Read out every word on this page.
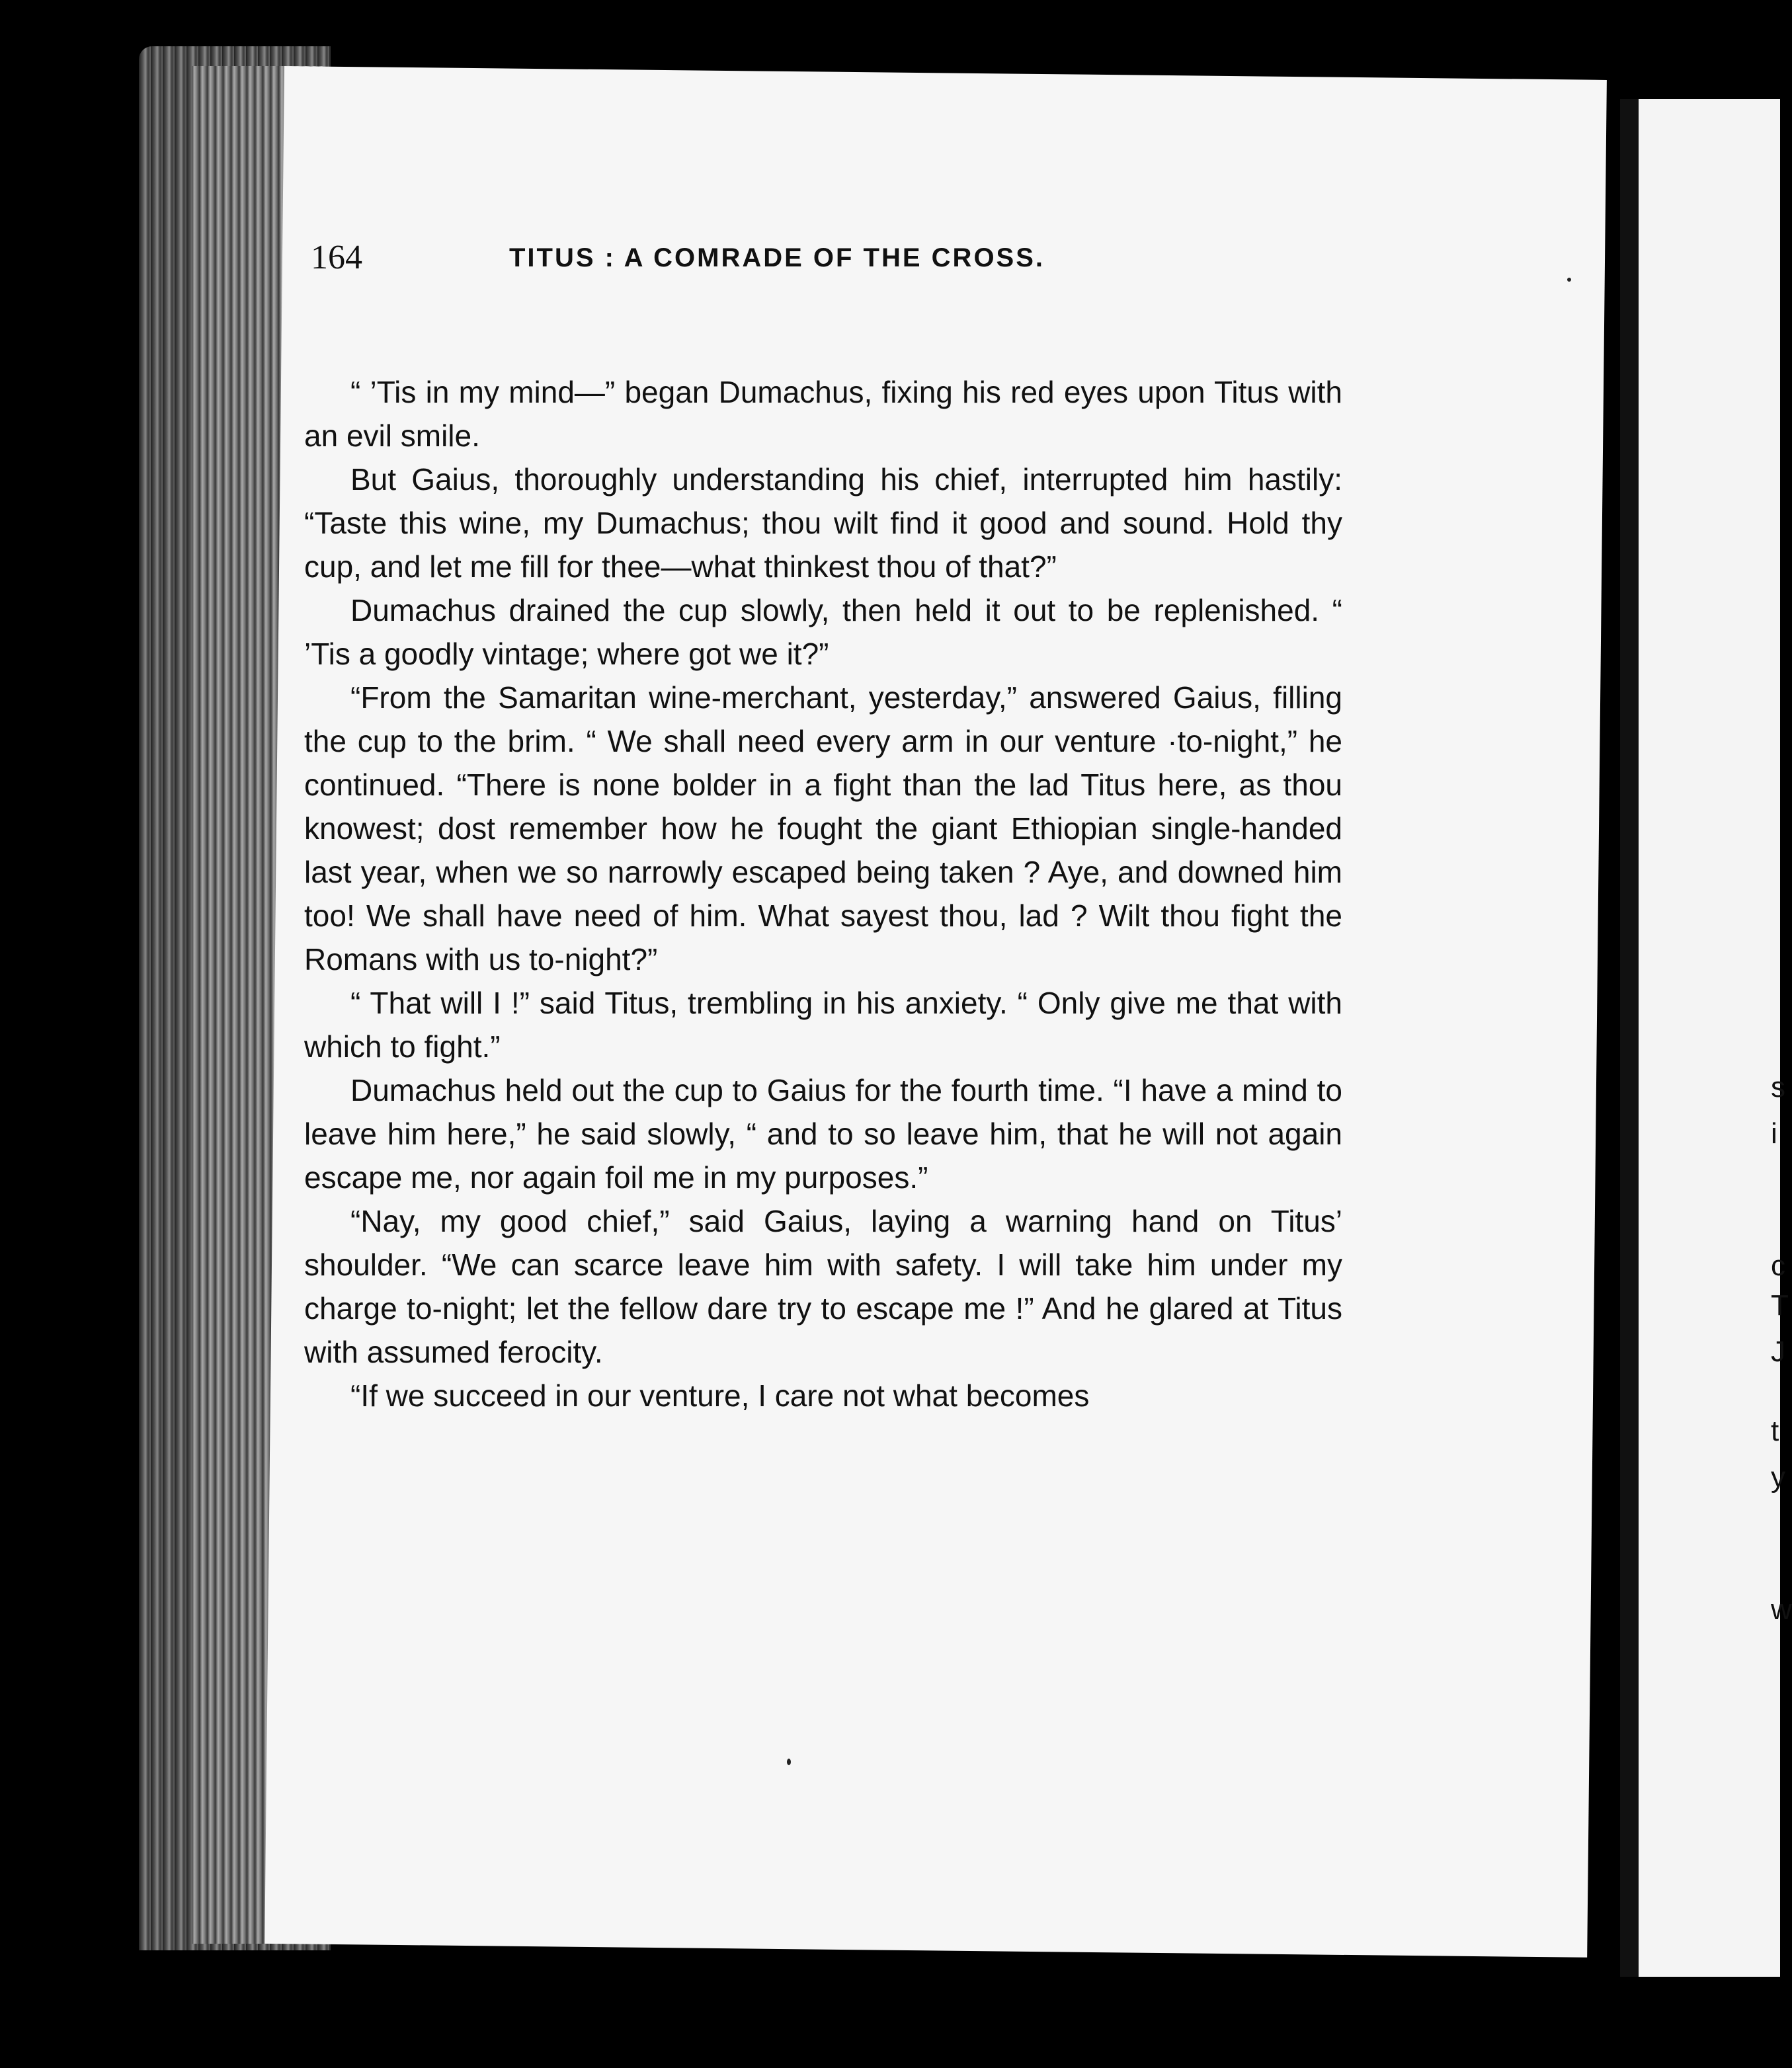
s
i
c
T
J
t
y
w
164	TITUS : A COMRADE OF THE CROSS.

“ ’Tis in my mind—” began Dumachus, fixing his red eyes upon Titus with an evil smile.

But Gaius, thoroughly understanding his chief, interrupted him hastily: “Taste this wine, my Dumachus; thou wilt find it good and sound. Hold thy cup, and let me fill for thee—what thinkest thou of that?”

Dumachus drained the cup slowly, then held it out to be replenished. “ ’Tis a goodly vintage; where got we it?”

“From the Samaritan wine-merchant, yesterday,” answered Gaius, filling the cup to the brim. “ We shall need every arm in our venture ·to-night,” he continued. “There is none bolder in a fight than the lad Titus here, as thou knowest; dost remember how he fought the giant Ethiopian single-handed last year, when we so narrowly escaped being taken ? Aye, and downed him too! We shall have need of him. What sayest thou, lad ? Wilt thou fight the Romans with us to-night?”

“ That will I !” said Titus, trembling in his anxiety. “ Only give me that with which to fight.”

Dumachus held out the cup to Gaius for the fourth time. “I have a mind to leave him here,” he said slowly, “ and to so leave him, that he will not again escape me, nor again foil me in my purposes.”

“Nay, my good chief,” said Gaius, laying a warning hand on Titus’ shoulder. “We can scarce leave him with safety. I will take him under my charge to-night; let the fellow dare try to escape me !” And he glared at Titus with assumed ferocity.

“If we succeed in our venture, I care not what becomes
